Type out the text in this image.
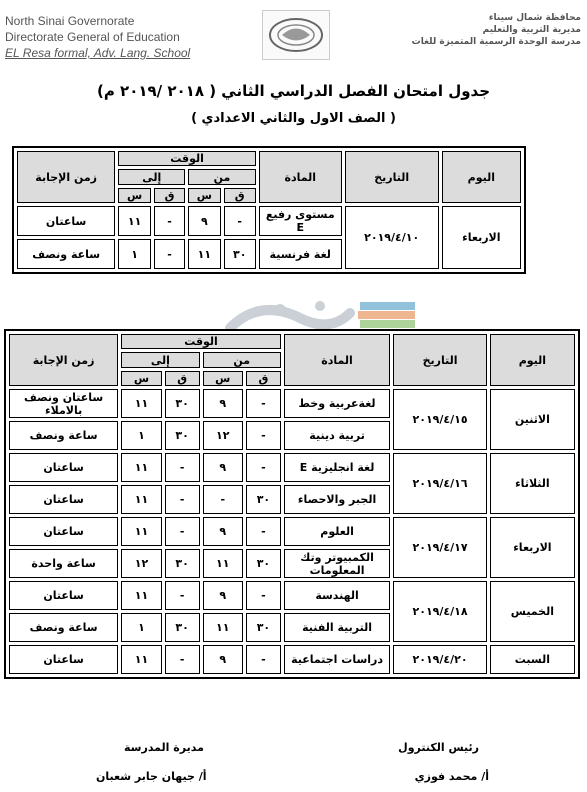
North Sinai Governorate
Directorate General of Education
EL Resa formal, Adv. Lang. School
محافظة شمال سيناء
مديرية التربية والتعليم
مدرسة الوحدة الرسمية المتميزة للغات
جدول امتحان الفصل الدراسي الثاني ( ٢٠١٨ /٢٠١٩ م)
( الصف الاول والثاني الاعدادي )
اليوم	التاريخ	المادة	الوقت				زمن الإجابة
			من		إلى		
			ق	س	ق	س	
الاربعاء	٢٠١٩/٤/١٠	مستوى رفيع E	-	٩	-	١١	ساعتان
		لغة فرنسية	٣٠	١١	-	١	ساعة ونصف
اليوم	التاريخ	المادة	الوقت				زمن الإجابة
			من		إلى		
			ق	س	ق	س	
الاثنين	٢٠١٩/٤/١٥	لغةعربية وخط	-	٩	٣٠	١١	ساعتان ونصف بالاملاء
		تربية دينية	-	١٢	٣٠	١	ساعة ونصف
الثلاثاء	٢٠١٩/٤/١٦	لغة انجليزية E	-	٩	-	١١	ساعتان
		الجبر والاحصاء	٣٠	-	-	١١	ساعتان
الاربعاء	٢٠١٩/٤/١٧	العلوم	-	٩	-	١١	ساعتان
		الكمبيوتر وتك المعلومات	٣٠	١١	٣٠	١٢	ساعة واحدة
الخميس	٢٠١٩/٤/١٨	الهندسة	-	٩	-	١١	ساعتان
		التربية الفنية	٣٠	١١	٣٠	١	ساعة ونصف
السبت	٢٠١٩/٤/٢٠	دراسات اجتماعية	-	٩	-	١١	ساعتان
رئيس الكنترول
مديرة المدرسة
أ/ محمد فوزي
أ/ جيهان جابر شعبان
